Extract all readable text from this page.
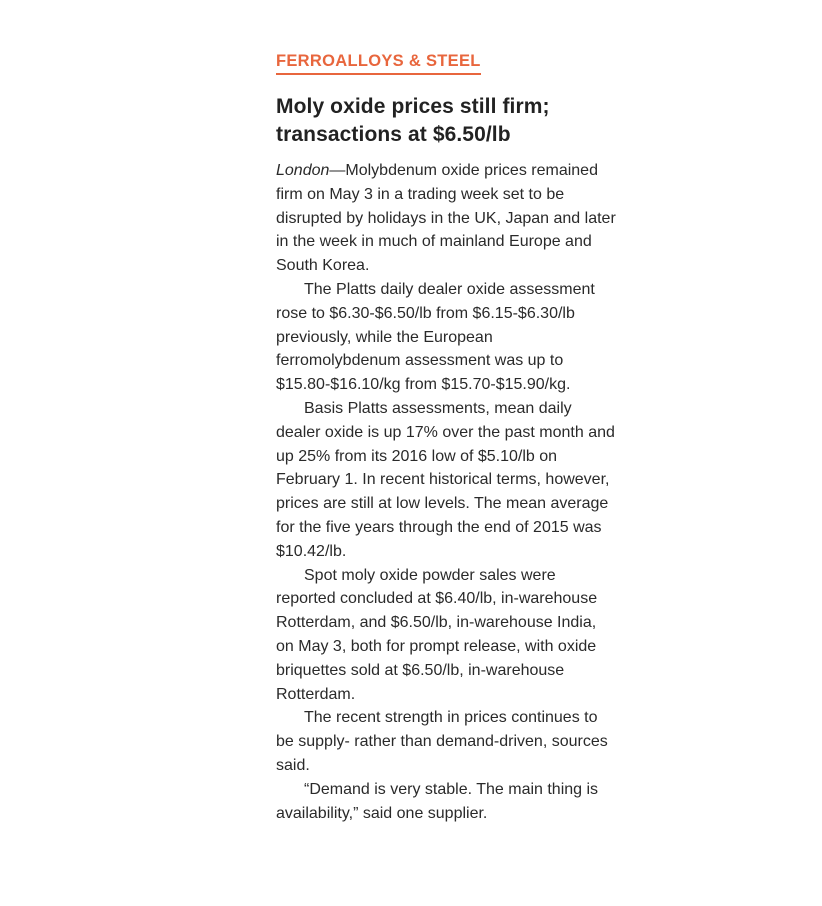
FERROALLOYS & STEEL
Moly oxide prices still firm;
transactions at $6.50/lb

London—Molybdenum oxide prices remained firm on May 3 in a trading week set to be disrupted by holidays in the UK, Japan and later in the week in much of mainland Europe and South Korea.

The Platts daily dealer oxide assessment rose to $6.30-$6.50/lb from $6.15-$6.30/lb previously, while the European ferromolybdenum assessment was up to $15.80-$16.10/kg from $15.70-$15.90/kg.

Basis Platts assessments, mean daily dealer oxide is up 17% over the past month and up 25% from its 2016 low of $5.10/lb on February 1. In recent historical terms, however, prices are still at low levels. The mean average for the five years through the end of 2015 was $10.42/lb.

Spot moly oxide powder sales were reported concluded at $6.40/lb, in-warehouse Rotterdam, and $6.50/lb, in-warehouse India, on May 3, both for prompt release, with oxide briquettes sold at $6.50/lb, in-warehouse Rotterdam.

The recent strength in prices continues to be supply- rather than demand-driven, sources said.

“Demand is very stable. The main thing is availability,” said one supplier.
